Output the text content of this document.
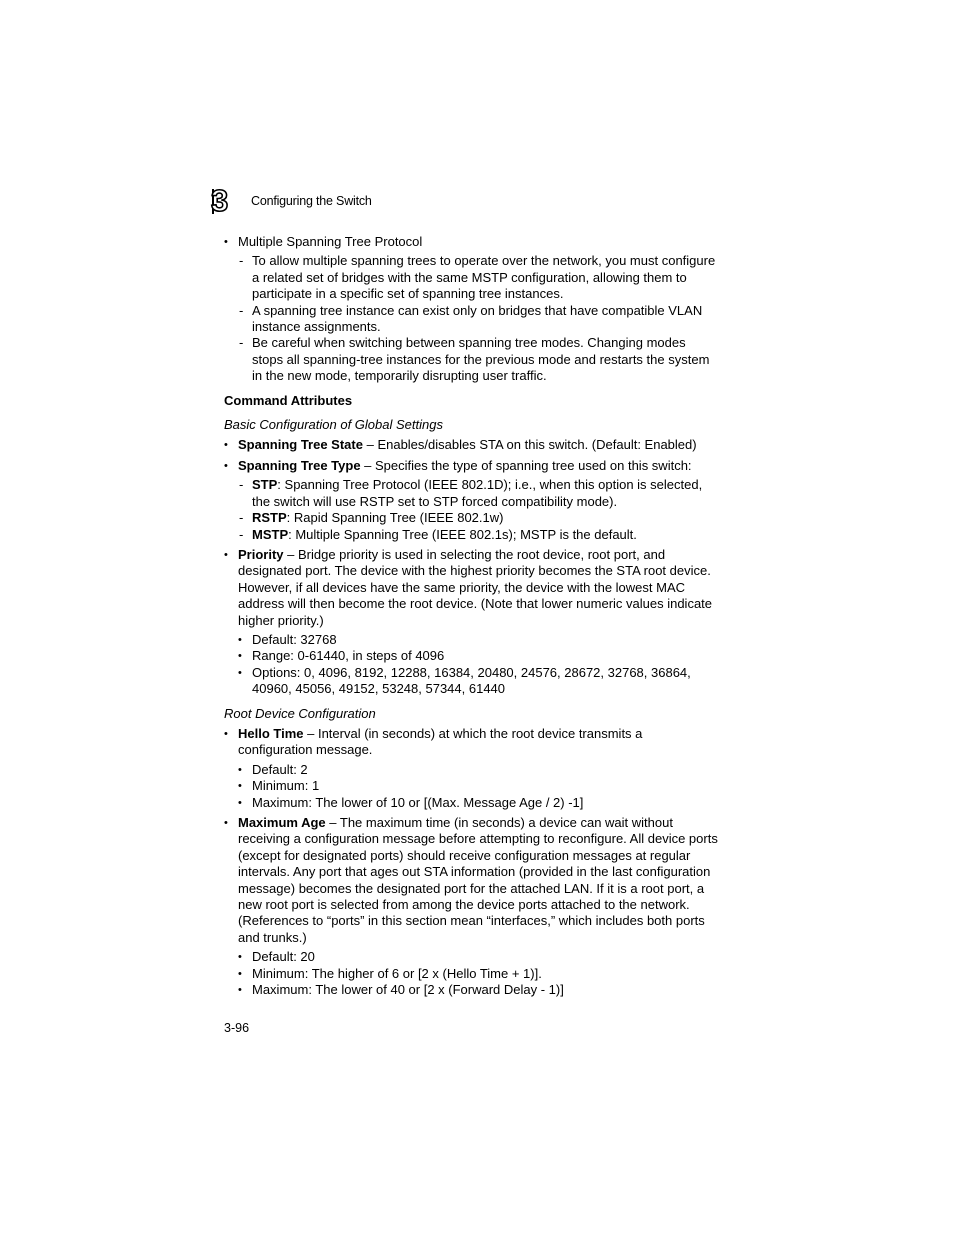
3	Configuring the Switch
• Multiple Spanning Tree Protocol
- To allow multiple spanning trees to operate over the network, you must configure a related set of bridges with the same MSTP configuration, allowing them to participate in a specific set of spanning tree instances.
- A spanning tree instance can exist only on bridges that have compatible VLAN instance assignments.
- Be careful when switching between spanning tree modes. Changing modes stops all spanning-tree instances for the previous mode and restarts the system in the new mode, temporarily disrupting user traffic.
Command Attributes
Basic Configuration of Global Settings
• Spanning Tree State – Enables/disables STA on this switch. (Default: Enabled)
• Spanning Tree Type – Specifies the type of spanning tree used on this switch:
- STP: Spanning Tree Protocol (IEEE 802.1D); i.e., when this option is selected, the switch will use RSTP set to STP forced compatibility mode).
- RSTP: Rapid Spanning Tree (IEEE 802.1w)
- MSTP: Multiple Spanning Tree (IEEE 802.1s); MSTP is the default.
• Priority – Bridge priority is used in selecting the root device, root port, and designated port. The device with the highest priority becomes the STA root device. However, if all devices have the same priority, the device with the lowest MAC address will then become the root device. (Note that lower numeric values indicate higher priority.)
• Default: 32768
• Range: 0-61440, in steps of 4096
• Options: 0, 4096, 8192, 12288, 16384, 20480, 24576, 28672, 32768, 36864, 40960, 45056, 49152, 53248, 57344, 61440
Root Device Configuration
• Hello Time – Interval (in seconds) at which the root device transmits a configuration message.
• Default: 2
• Minimum: 1
• Maximum: The lower of 10 or [(Max. Message Age / 2) -1]
• Maximum Age – The maximum time (in seconds) a device can wait without receiving a configuration message before attempting to reconfigure. All device ports (except for designated ports) should receive configuration messages at regular intervals. Any port that ages out STA information (provided in the last configuration message) becomes the designated port for the attached LAN. If it is a root port, a new root port is selected from among the device ports attached to the network. (References to “ports” in this section mean “interfaces,” which includes both ports and trunks.)
• Default: 20
• Minimum: The higher of 6 or [2 x (Hello Time + 1)].
• Maximum: The lower of 40 or [2 x (Forward Delay - 1)]
3-96
